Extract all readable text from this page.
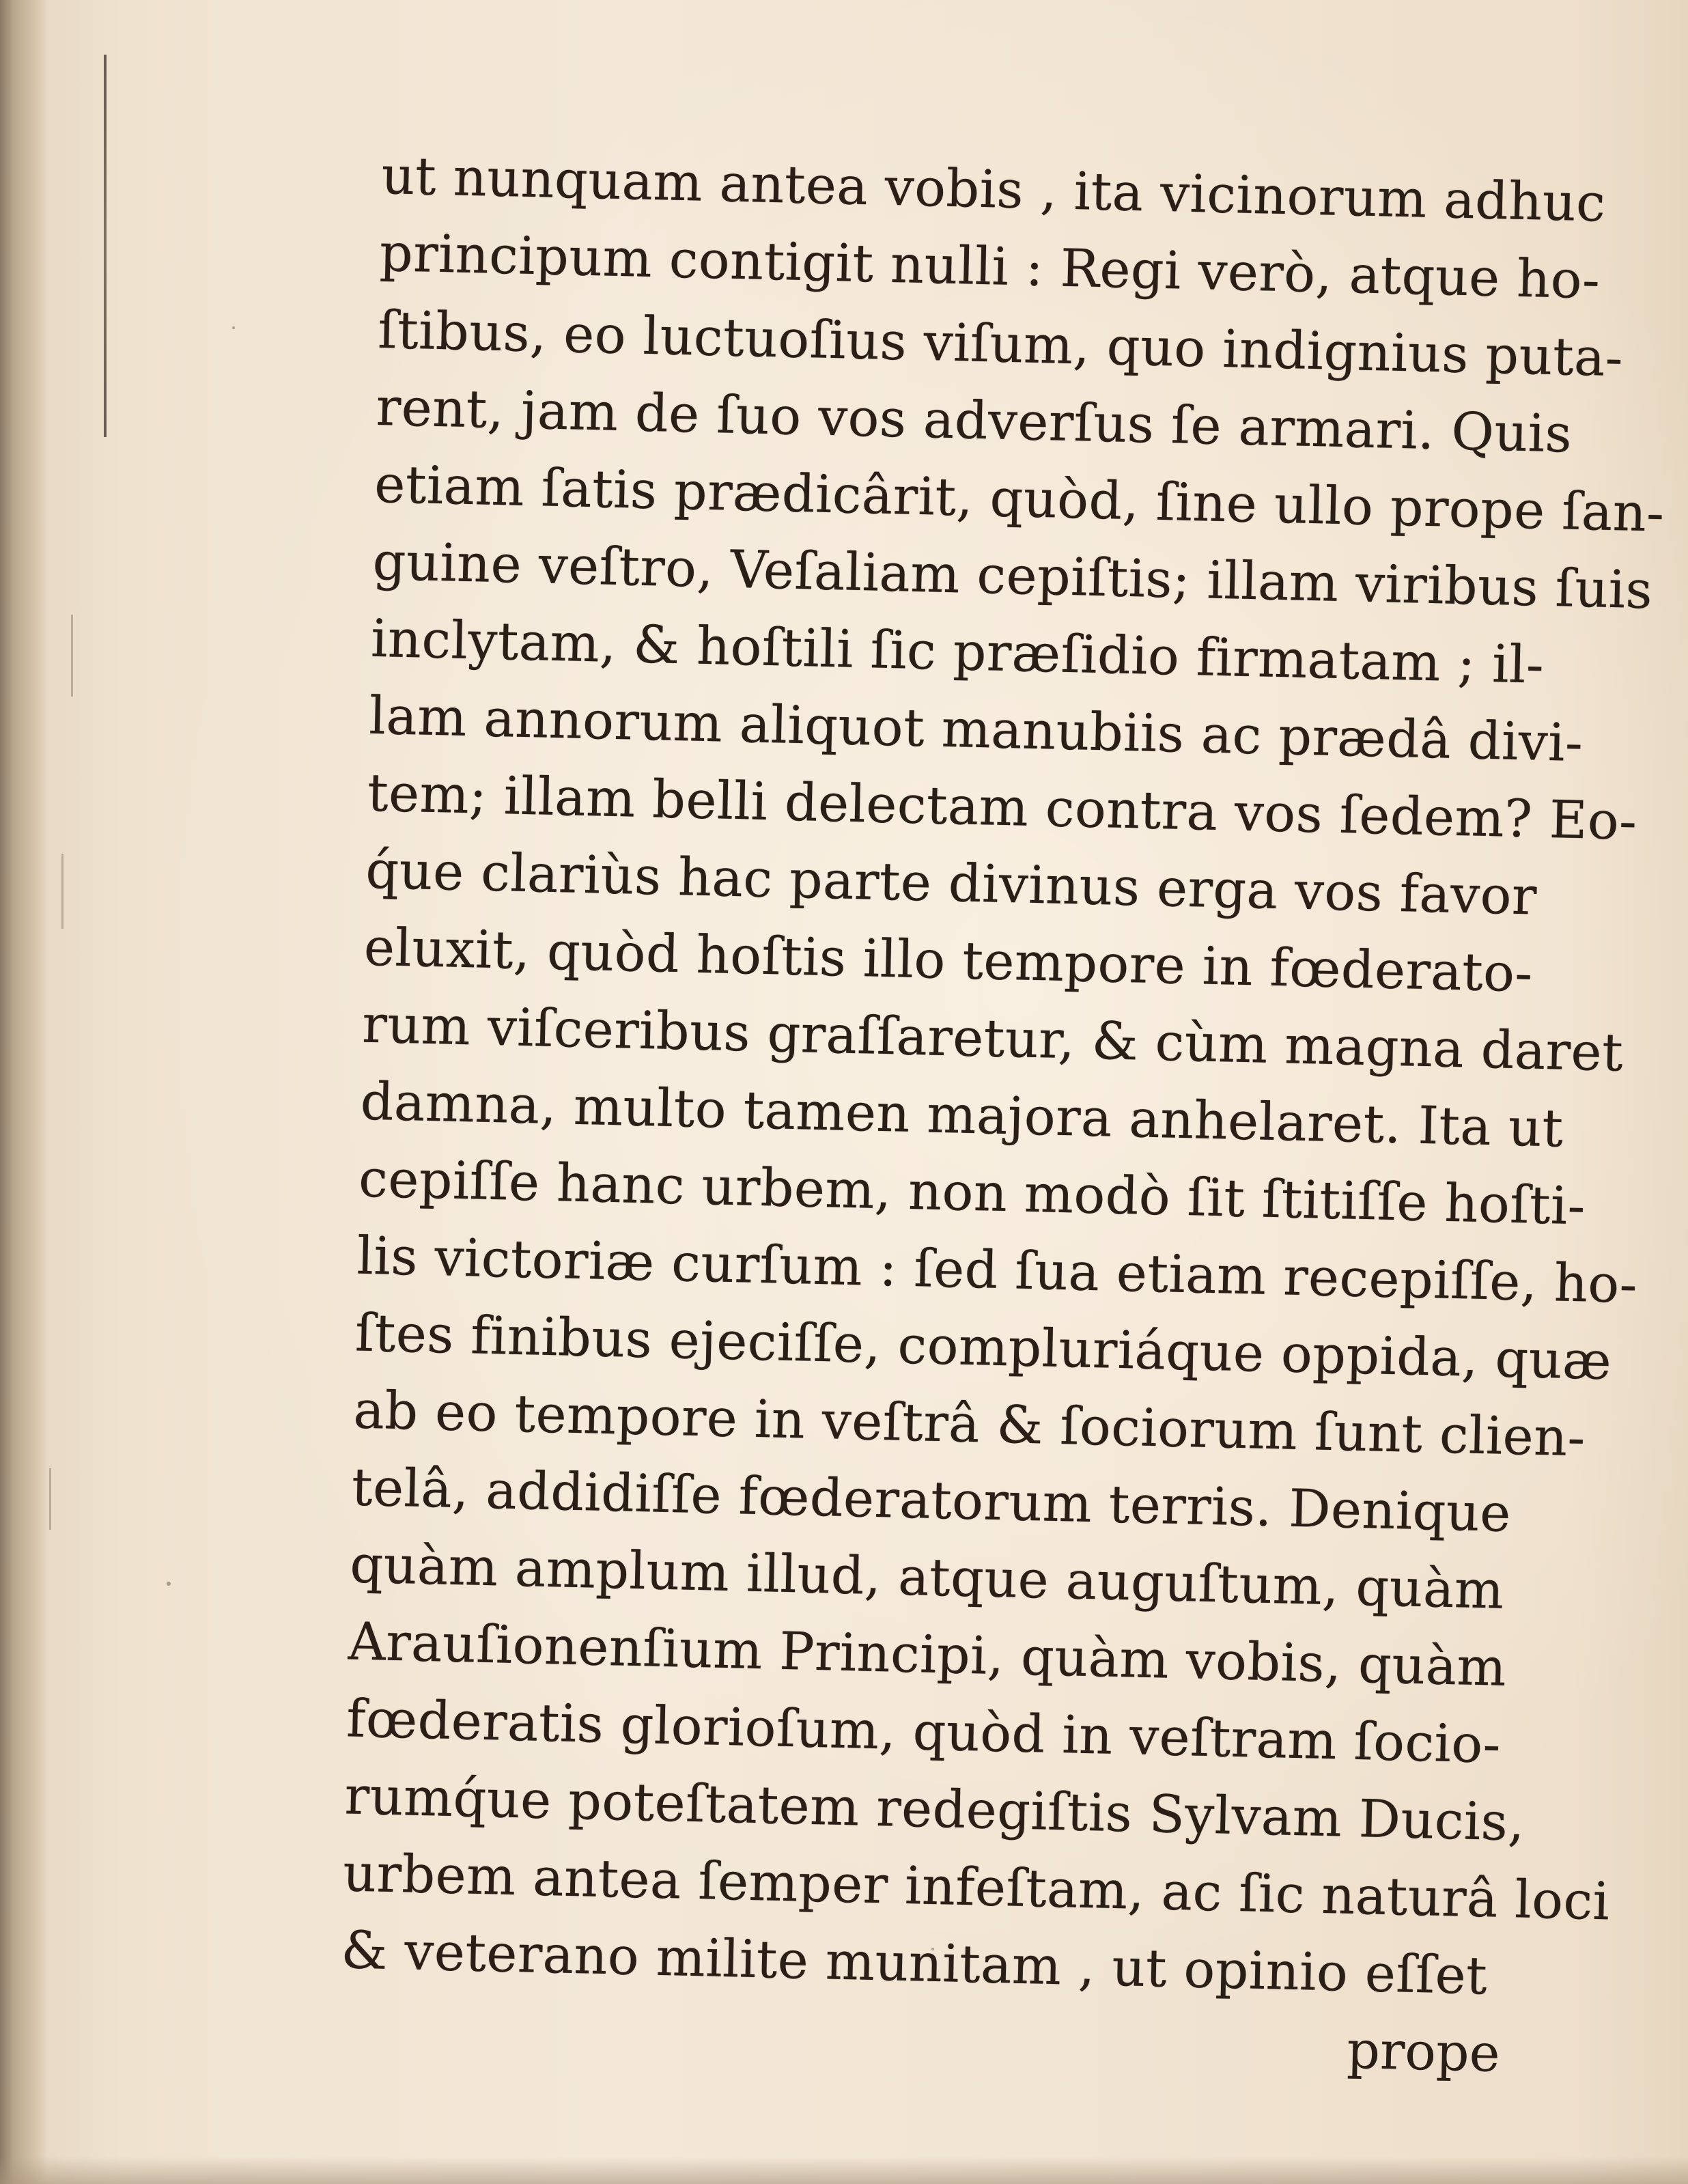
ut nunquam antea vobis , ita vicinorum adhuc
principum contigit nulli : Regi verò, atque ho-
ſtibus, eo luctuoſius viſum, quo indignius puta-
rent, jam de ſuo vos adverſus ſe armari. Quis
etiam ſatis prædicârit, quòd, ſine ullo prope ſan-
guine veſtro, Veſaliam cepiſtis; illam viribus ſuis
inclytam, & hoſtili ſic præſidio firmatam ; il-
lam annorum aliquot manubiis ac prædâ divi-
tem; illam belli delectam contra vos ſedem? Eo-
q́ue clariùs hac parte divinus erga vos favor
eluxit, quòd hoſtis illo tempore in fœderato-
rum viſceribus graſſaretur, & cùm magna daret
damna, multo tamen majora anhelaret. Ita ut
cepiſſe hanc urbem, non modò ſit ſtitiſſe hoſti-
lis victoriæ curſum : ſed ſua etiam recepiſſe, ho-
ſtes finibus ejeciſſe, compluriáque oppida, quæ
ab eo tempore in veſtrâ & ſociorum ſunt clien-
telâ, addidiſſe fœderatorum terris. Denique
quàm amplum illud, atque auguſtum, quàm
Arauſionenſium Principi, quàm vobis, quàm
fœderatis glorioſum, quòd in veſtram ſocio-
rumq́ue poteſtatem redegiſtis Sylvam Ducis,
urbem antea ſemper infeſtam, ac ſic naturâ loci
& veterano milite munitam , ut opinio eſſet
prope
